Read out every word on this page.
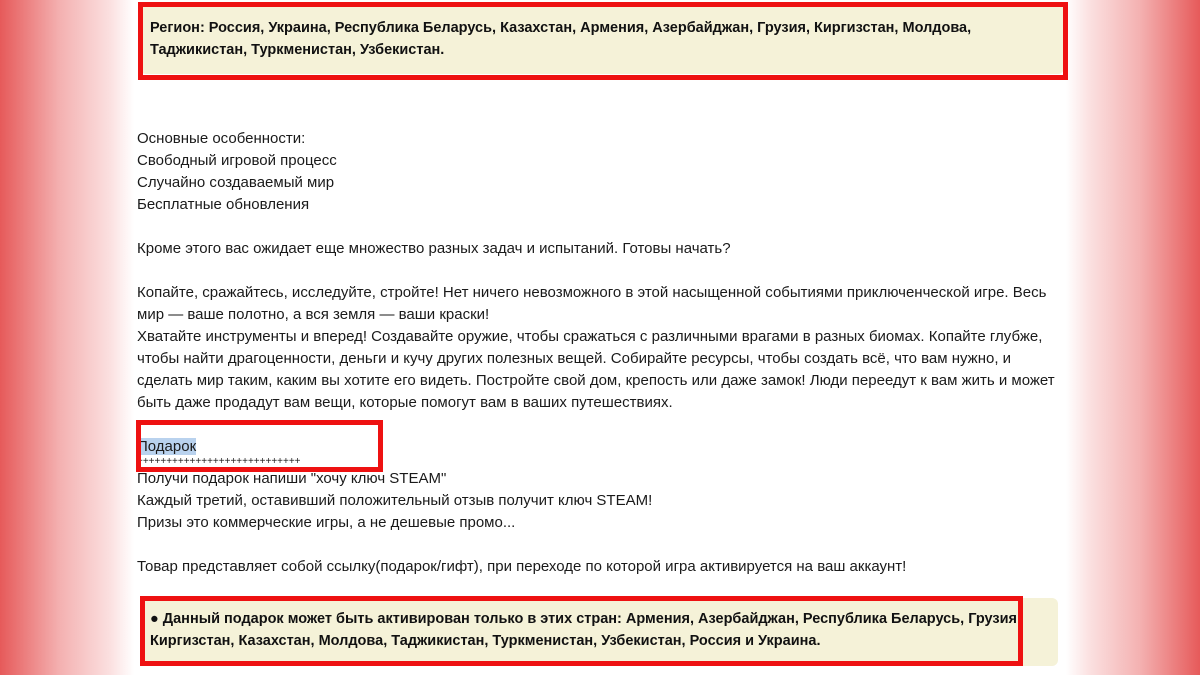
Регион: Россия, Украина, Республика Беларусь, Казахстан, Армения, Азербайджан, Грузия, Киргизстан, Молдова, Таджикистан, Туркменистан, Узбекистан.

Основные особенности:

Свободный игровой процесс

Случайно создаваемый мир

Бесплатные обновления

Кроме этого вас ожидает еще множество разных задач и испытаний. Готовы начать?

Копайте, сражайтесь, исследуйте, стройте! Нет ничего невозможного в этой насыщенной событиями приключенческой игре. Весь мир — ваше полотно, а вся земля — ваши краски!

Хватайте инструменты и вперед! Создавайте оружие, чтобы сражаться с различными врагами в разных биомах. Копайте глубже, чтобы найти драгоценности, деньги и кучу других полезных вещей. Собирайте ресурсы, чтобы создать всё, что вам нужно, и сделать мир таким, каким вы хотите его видеть. Постройте свой дом, крепость или даже замок! Люди переедут к вам жить и может быть даже продадут вам вещи, которые помогут вам в ваших путешествиях.

Подарок

++++++++++++++++++++++++++++

Получи подарок напиши "хочу ключ STEAM"

Каждый третий, оставивший положительный отзыв получит ключ STEAM!

Призы это коммерческие игры, а не дешевые промо...

Товар представляет собой ссылку(подарок/гифт), при переходе по которой игра активируется на ваш аккаунт!

● Данный подарок может быть активирован только в этих стран: Армения, Азербайджан, Республика Беларусь, Грузия, Киргизстан, Казахстан, Молдова, Таджикистан, Туркменистан, Узбекистан, Россия и Украина.
